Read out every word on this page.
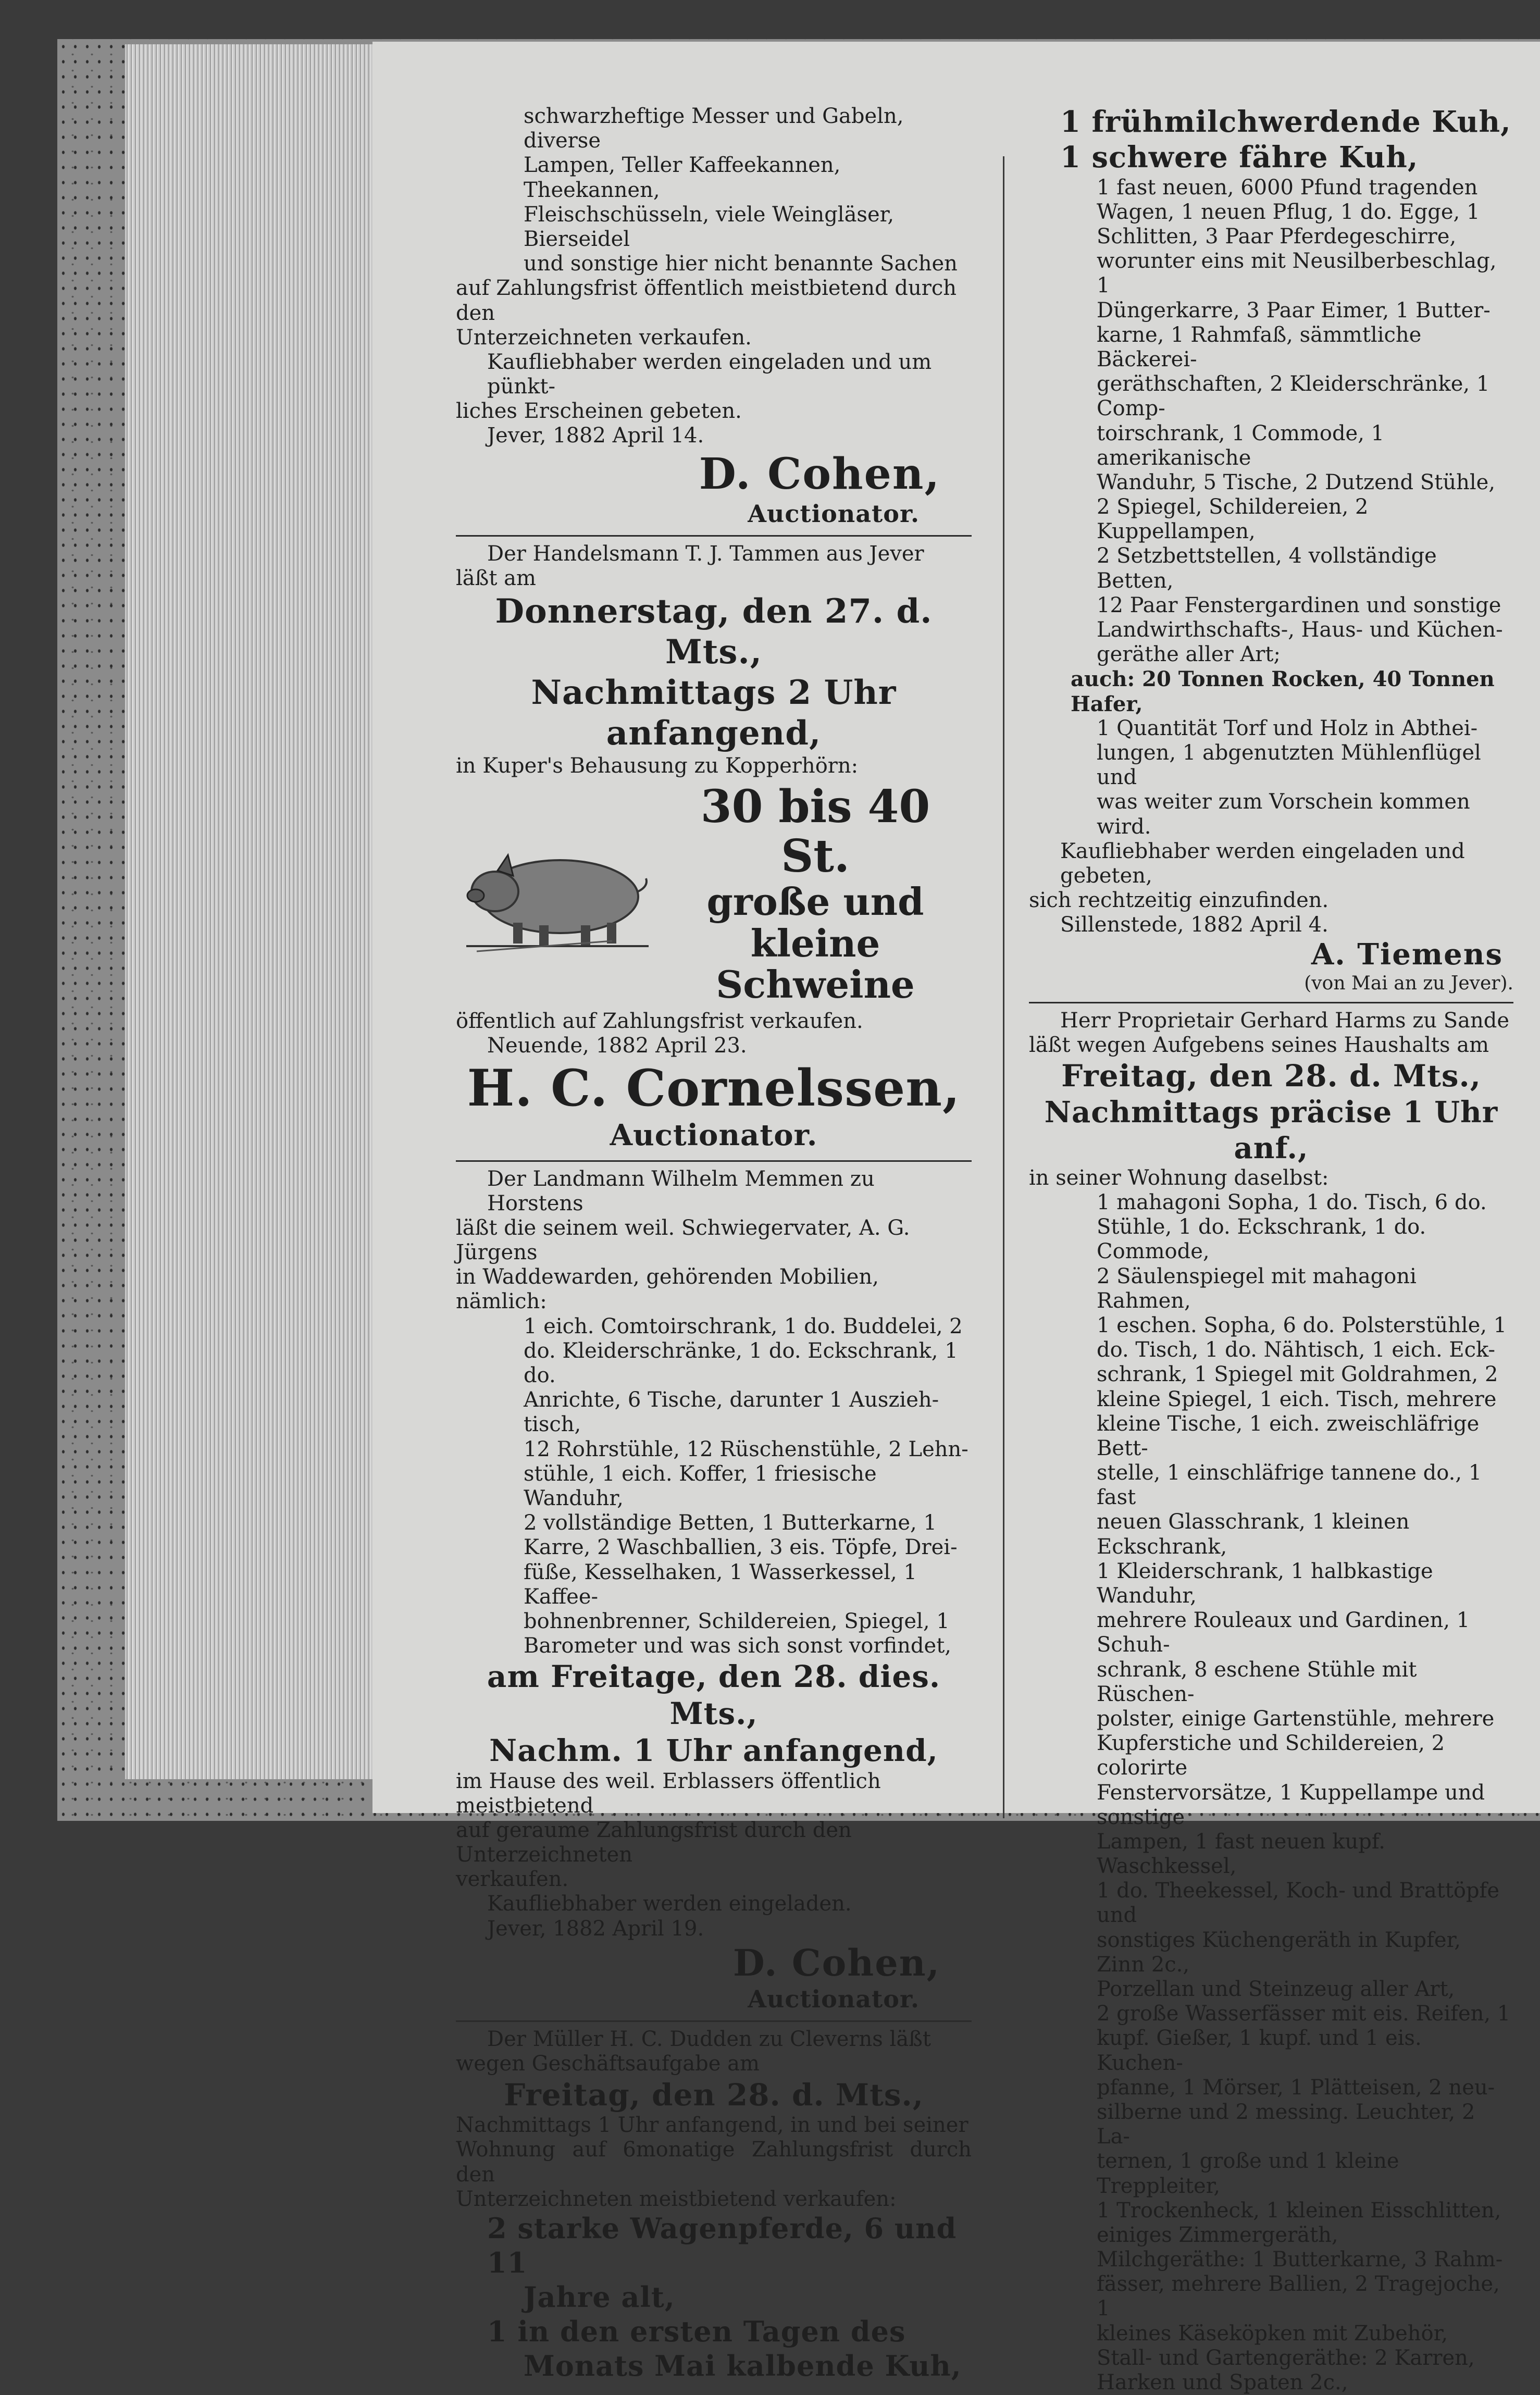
schwarzheftige Messer und Gabeln, diverse

Lampen, Teller Kaffeekannen, Theekannen,

Fleischschüsseln, viele Weingläser, Bierseidel

und sonstige hier nicht benannte Sachen

auf Zahlungsfrist öffentlich meistbietend durch den

Unterzeichneten verkaufen.

Kaufliebhaber werden eingeladen und um pünkt-

liches Erscheinen gebeten.

Jever, 1882 April 14.

D. Cohen,

Auctionator.

Der Handelsmann T. J. Tammen aus Jever

läßt am

Donnerstag, den 27. d. Mts.,

Nachmittags 2 Uhr anfangend,

in Kuper's Behausung zu Kopperhörn:

30 bis 40 St.

große und kleine

Schweine

öffentlich auf Zahlungsfrist verkaufen.

Neuende, 1882 April 23.

H. C. Cornelssen,

Auctionator.

Der Landmann Wilhelm Memmen zu Horstens

läßt die seinem weil. Schwiegervater, A. G. Jürgens

in Waddewarden, gehörenden Mobilien, nämlich:

1 eich. Comtoirschrank, 1 do. Buddelei, 2

do. Kleiderschränke, 1 do. Eckschrank, 1 do.

Anrichte, 6 Tische, darunter 1 Ausziehtisch,

12 Rohrstühle, 12 Rüschenstühle, 2 Lehn-

stühle, 1 eich. Koffer, 1 friesische Wanduhr,

2 vollständige Betten, 1 Butterkarne, 1

Karre, 2 Waschballien, 3 eis. Töpfe, Drei-

füße, Kesselhaken, 1 Wasserkessel, 1 Kaffee-

bohnenbrenner, Schildereien, Spiegel, 1

Barometer und was sich sonst vorfindet,

am Freitage, den 28. dies. Mts.,

Nachm. 1 Uhr anfangend,

im Hause des weil. Erblassers öffentlich meistbietend

auf geraume Zahlungsfrist durch den Unterzeichneten

verkaufen.

Kaufliebhaber werden eingeladen.

Jever, 1882 April 19.

D. Cohen,

Auctionator.

Der Müller H. C. Dudden zu Cleverns läßt

wegen Geschäftsaufgabe am

Freitag, den 28. d. Mts.,

Nachmittags 1 Uhr anfangend, in und bei seiner

Wohnung auf 6monatige Zahlungsfrist durch den

Unterzeichneten meistbietend verkaufen:

2 starke Wagenpferde, 6 und 11

Jahre alt,

1 in den ersten Tagen des

Monats Mai kalbende Kuh,

1 frühmilchwerdende Kuh,

1 schwere fähre Kuh,

1 fast neuen, 6000 Pfund tragenden

Wagen, 1 neuen Pflug, 1 do. Egge, 1

Schlitten, 3 Paar Pferdegeschirre,

worunter eins mit Neusilberbeschlag, 1

Düngerkarre, 3 Paar Eimer, 1 Butter-

karne, 1 Rahmfaß, sämmtliche Bäckerei-

geräthschaften, 2 Kleiderschränke, 1 Comp-

toirschrank, 1 Commode, 1 amerikanische

Wanduhr, 5 Tische, 2 Dutzend Stühle,

2 Spiegel, Schildereien, 2 Kuppellampen,

2 Setzbettstellen, 4 vollständige Betten,

12 Paar Fenstergardinen und sonstige

Landwirthschafts-, Haus- und Küchen-

geräthe aller Art;

auch: 20 Tonnen Rocken, 40 Tonnen Hafer,

1 Quantität Torf und Holz in Abthei-

lungen, 1 abgenutzten Mühlenflügel und

was weiter zum Vorschein kommen wird.

Kaufliebhaber werden eingeladen und gebeten,

sich rechtzeitig einzufinden.

Sillenstede, 1882 April 4.

A. Tiemens

(von Mai an zu Jever).

Herr Proprietair Gerhard Harms zu Sande

läßt wegen Aufgebens seines Haushalts am

Freitag, den 28. d. Mts.,

Nachmittags präcise 1 Uhr anf.,

in seiner Wohnung daselbst:

1 mahagoni Sopha, 1 do. Tisch, 6 do.

Stühle, 1 do. Eckschrank, 1 do. Commode,

2 Säulenspiegel mit mahagoni Rahmen,

1 eschen. Sopha, 6 do. Polsterstühle, 1

do. Tisch, 1 do. Nähtisch, 1 eich. Eck-

schrank, 1 Spiegel mit Goldrahmen, 2

kleine Spiegel, 1 eich. Tisch, mehrere

kleine Tische, 1 eich. zweischläfrige Bett-

stelle, 1 einschläfrige tannene do., 1 fast

neuen Glasschrank, 1 kleinen Eckschrank,

1 Kleiderschrank, 1 halbkastige Wanduhr,

mehrere Rouleaux und Gardinen, 1 Schuh-

schrank, 8 eschene Stühle mit Rüschen-

polster, einige Gartenstühle, mehrere

Kupferstiche und Schildereien, 2 colorirte

Fenstervorsätze, 1 Kuppellampe und sonstige

Lampen, 1 fast neuen kupf. Waschkessel,

1 do. Theekessel, Koch- und Brattöpfe und

sonstiges Küchengeräth in Kupfer, Zinn 2c.,

Porzellan und Steinzeug aller Art,

2 große Wasserfässer mit eis. Reifen, 1

kupf. Gießer, 1 kupf. und 1 eis. Kuchen-

pfanne, 1 Mörser, 1 Plätteisen, 2 neu-

silberne und 2 messing. Leuchter, 2 La-

ternen, 1 große und 1 kleine Treppleiter,

1 Trockenheck, 1 kleinen Eisschlitten,

einiges Zimmergeräth,

Milchgeräthe: 1 Butterkarne, 3 Rahm-

fässer, mehrere Ballien, 2 Tragejoche, 1

kleines Käseköpken mit Zubehör,

Stall- und Gartengeräthe: 2 Karren,

Harken und Spaten 2c.,
